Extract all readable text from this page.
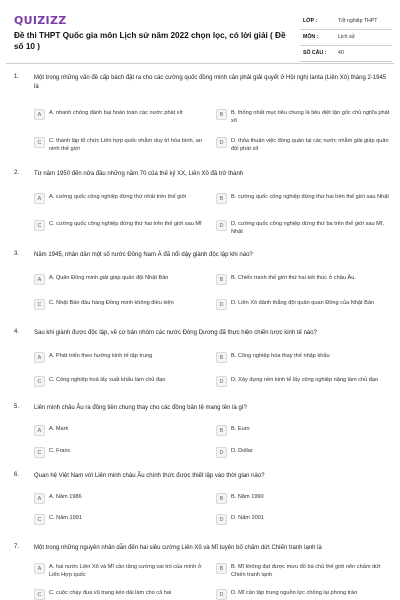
QUIZIZZ
Đề thi THPT Quốc gia môn Lịch sử năm 2022 chọn lọc, có lời giải ( Đề số 10 )
LỚP :	Tốt nghiệp THPT
MÔN :	Lịch sử
SỐ CÂU : 40
1. Một trong những vấn đề cấp bách đặt ra cho các cường quốc đồng minh cần phải giải quyết ở Hội nghị Ianta (Liên Xô) tháng 2-1945 là
A	A. nhanh chóng đánh bại hoàn toàn các nước phát xít	B	B. thống nhất mục tiêu chung là tiêu diệt tận gốc chủ nghĩa phát xít
C	C. thành lập tổ chức Liên hợp quốc nhằm duy trì hòa bình, an ninh thế giới
D	D. thỏa thuận việc đóng quân tại các nước nhằm giải giáp quân đội phát xít
2. Từ năm 1950 đến nửa đầu những năm 70 của thế kỷ XX, Liên Xô đã trở thành
A	A. cường quốc công nghiệp đứng thứ nhất trên thế giới	B	B. cường quốc công nghiệp đứng thứ hai trên thế giới sau Nhật
C	C. cường quốc công nghiệp đứng thứ hai trên thế giới sau Mĩ	D	D. cường quốc công nghiệp đứng thứ ba trên thế giới sau Mĩ, Nhật
3. Năm 1945, nhân dân một số nước Đông Nam Á đã nổi dậy giành độc lập khi nào?
A	A. Quân Đồng minh giải giáp quân đội Nhật Bản	B	B. Chiến tranh thế giới thứ hai kết thúc ở châu Âu.
C	C. Nhật Bản đầu hàng Đồng minh không điều kiện	D	D. Liên Xô đánh thắng đội quân quan Đông của Nhật Bản
4. Sau khi giành được độc lập, về cơ bản nhóm các nước Đông Dương đã thực hiện chiến lược kinh tế nào?
A	A. Phát triển theo hướng kinh tế tập trung	B	B. Công nghiệp hóa thay thế nhập khẩu
C	C. Công nghiệp hoá lấy xuất khẩu làm chủ đạo	D	D. Xây dựng nền kinh tế lấy công nghiệp nặng làm chủ đạo
5. Liên minh châu Âu ra đồng tiền chung thay cho các đồng bản tệ mang tên là gì?
A	A. Mark	B	B. Euro
C	C. Franc	D	D. Dollar
6. Quan hệ Việt Nam với Liên minh châu Âu chính thức được thiết lập vào thời gian nào?
A	A. Năm 1986	B	B. Năm 1990
C	C. Năm 1991	D	D. Năm 2001
7. Một trong những nguyên nhân dẫn đến hai siêu cường Liên Xô và Mĩ tuyên bố chấm dứt Chiến tranh lạnh là
A	A. hai nước Liên Xô và Mĩ cần tăng cường vai trò của mình ở Liên Hợp quốc
B	B. Mĩ không đạt được mưu đồ bá chủ thế giới nên chấm dứt Chiến tranh lạnh
C	C. cuộc chạy đua vũ trang kéo dài làm cho cả hai	D	D. Mĩ cần tập trung nguồn lực chống lại phong trào
